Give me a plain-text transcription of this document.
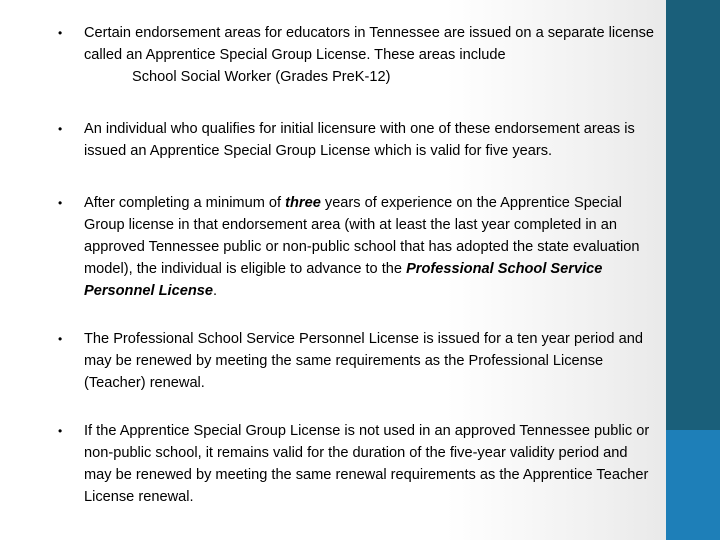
• Certain endorsement areas for educators in Tennessee are issued on a separate license called an Apprentice Special Group License. These areas include
School Social Worker (Grades PreK-12)
• An individual who qualifies for initial licensure with one of these endorsement areas is issued an Apprentice Special Group License which is valid for five years.
• After completing a minimum of three years of experience on the Apprentice Special Group license in that endorsement area (with at least the last year completed in an approved Tennessee public or non-public school that has adopted the state evaluation model), the individual is eligible to advance to the Professional School Service Personnel License.
• The Professional School Service Personnel License is issued for a ten year period and may be renewed by meeting the same requirements as the Professional License (Teacher) renewal.
• If the Apprentice Special Group License is not used in an approved Tennessee public or non-public school, it remains valid for the duration of the five-year validity period and may be renewed by meeting the same renewal requirements as the Apprentice Teacher License renewal.
